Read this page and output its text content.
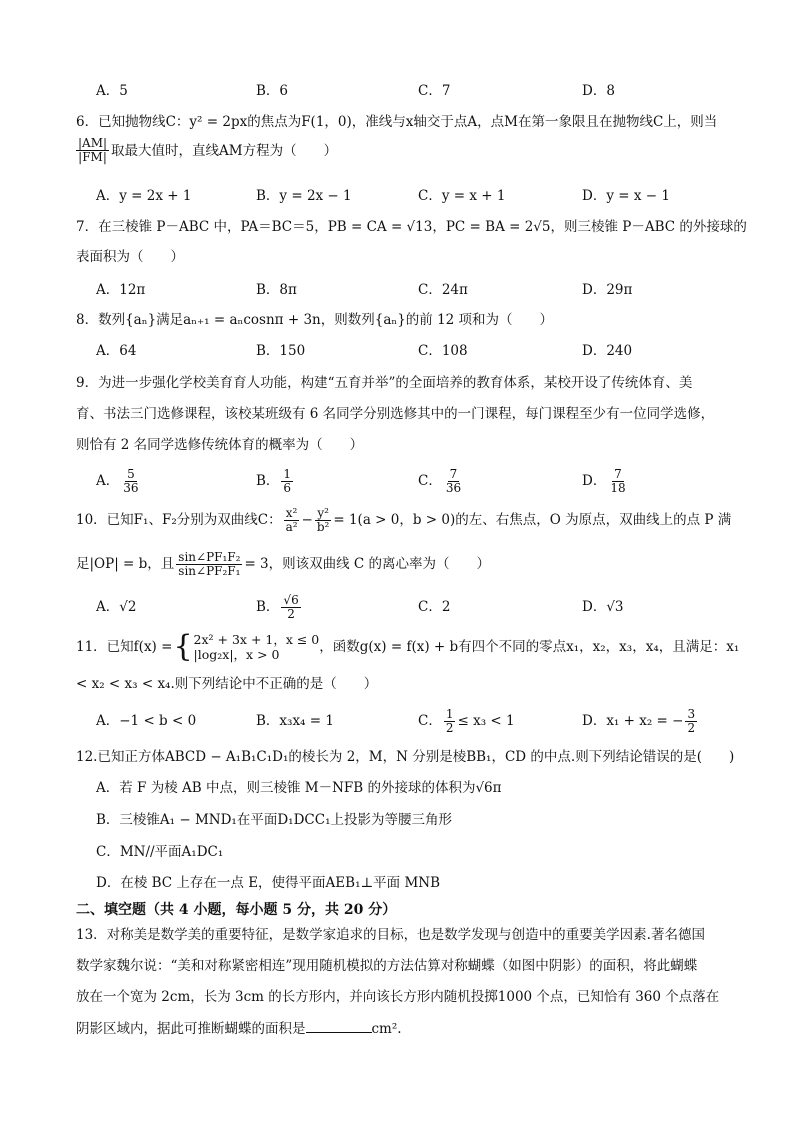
A．5	B．6	C．7	D．8
6．已知抛物线C：y² = 2px的焦点为F(1，0)，准线与x轴交于点A，点M在第一象限且在抛物线C上，则当
$\frac{|AM|}{|FM|}$ 取最大值时，直线AM方程为（　　）
A．y = 2x + 1	B．y = 2x − 1	C．y = x + 1	D．y = x − 1
7．在三棱锥 P－ABC 中，PA＝BC＝5，PB = CA = √13，PC = BA = 2√5，则三棱锥 P－ABC 的外接球的
表面积为（　　）
A．12π	B．8π	C．24π	D．29π
8．数列{aₙ}满足aₙ₊₁ = aₙcosnπ + 3n，则数列{aₙ}的前 12 项和为（　　）
A．64	B．150	C．108	D．240
9．为进一步强化学校美育育人功能，构建“五育并举”的全面培养的教育体系，某校开设了传统体育、美
育、书法三门选修课程，该校某班级有 6 名同学分别选修其中的一门课程，每门课程至少有一位同学选修，
则恰有 2 名同学选修传统体育的概率为（　　）
A． $\frac{5}{36}$	B． $\frac{1}{6}$	C． $\frac{7}{36}$	D． $\frac{7}{18}$
10．已知F₁、F₂分别为双曲线C： $\frac{\text{x²}}{\text{a²}} - \frac{\text{y²}}{\text{b²}} = 1(a > 0$，b > 0)的左、右焦点，O 为原点，双曲线上的点 P 满
足|OP| = b，且 $\frac{\text{sin∠PF₁F₂}}{\text{sin∠PF₂F₁}} = 3$，则该双曲线 C 的离心率为（　　）
A．√2	B． $\frac{√6}{2}$	C．2	D．√3
11．已知f(x) = { 2x² + 3x + 1，x ≤ 0
|log₂x|，x > 0	，函数g(x) = f(x) + b有四个不同的零点x₁，x₂，x₃，x₄，且满足：x₁
< x₂ < x₃ < x₄.则下列结论中不正确的是（　　）
A．−1 < b < 0	B．x₃x₄ = 1	C． $\frac{1}{2} \le x_3 < 1$	D．x₁ + x₂ = − $\frac{3}{2}$
12.已知正方体ABCD − A₁B₁C₁D₁的棱长为 2，M，N 分别是棱BB₁，CD 的中点.则下列结论错误的是(　　)
A．若 F 为棱 AB 中点，则三棱锥 M－NFB 的外接球的体积为√6π
B．三棱锥A₁ − MND₁在平面D₁DCC₁上投影为等腰三角形
C．MN//平面A₁DC₁
D．在棱 BC 上存在一点 E，使得平面AEB₁⊥平面 MNB
二、填空题（共 4 小题，每小题 5 分，共 20 分）
13．对称美是数学美的重要特征，是数学家追求的目标，也是数学发现与创造中的重要美学因素.著名德国
数学家魏尔说：“美和对称紧密相连”现用随机模拟的方法估算对称蝴蝶（如图中阴影）的面积，将此蝴蝶
放在一个宽为 2cm，长为 3cm 的长方形内，并向该长方形内随机投掷1000 个点，已知恰有 360 个点落在
阴影区域内，据此可推断蝴蝶的面积是	cm².
